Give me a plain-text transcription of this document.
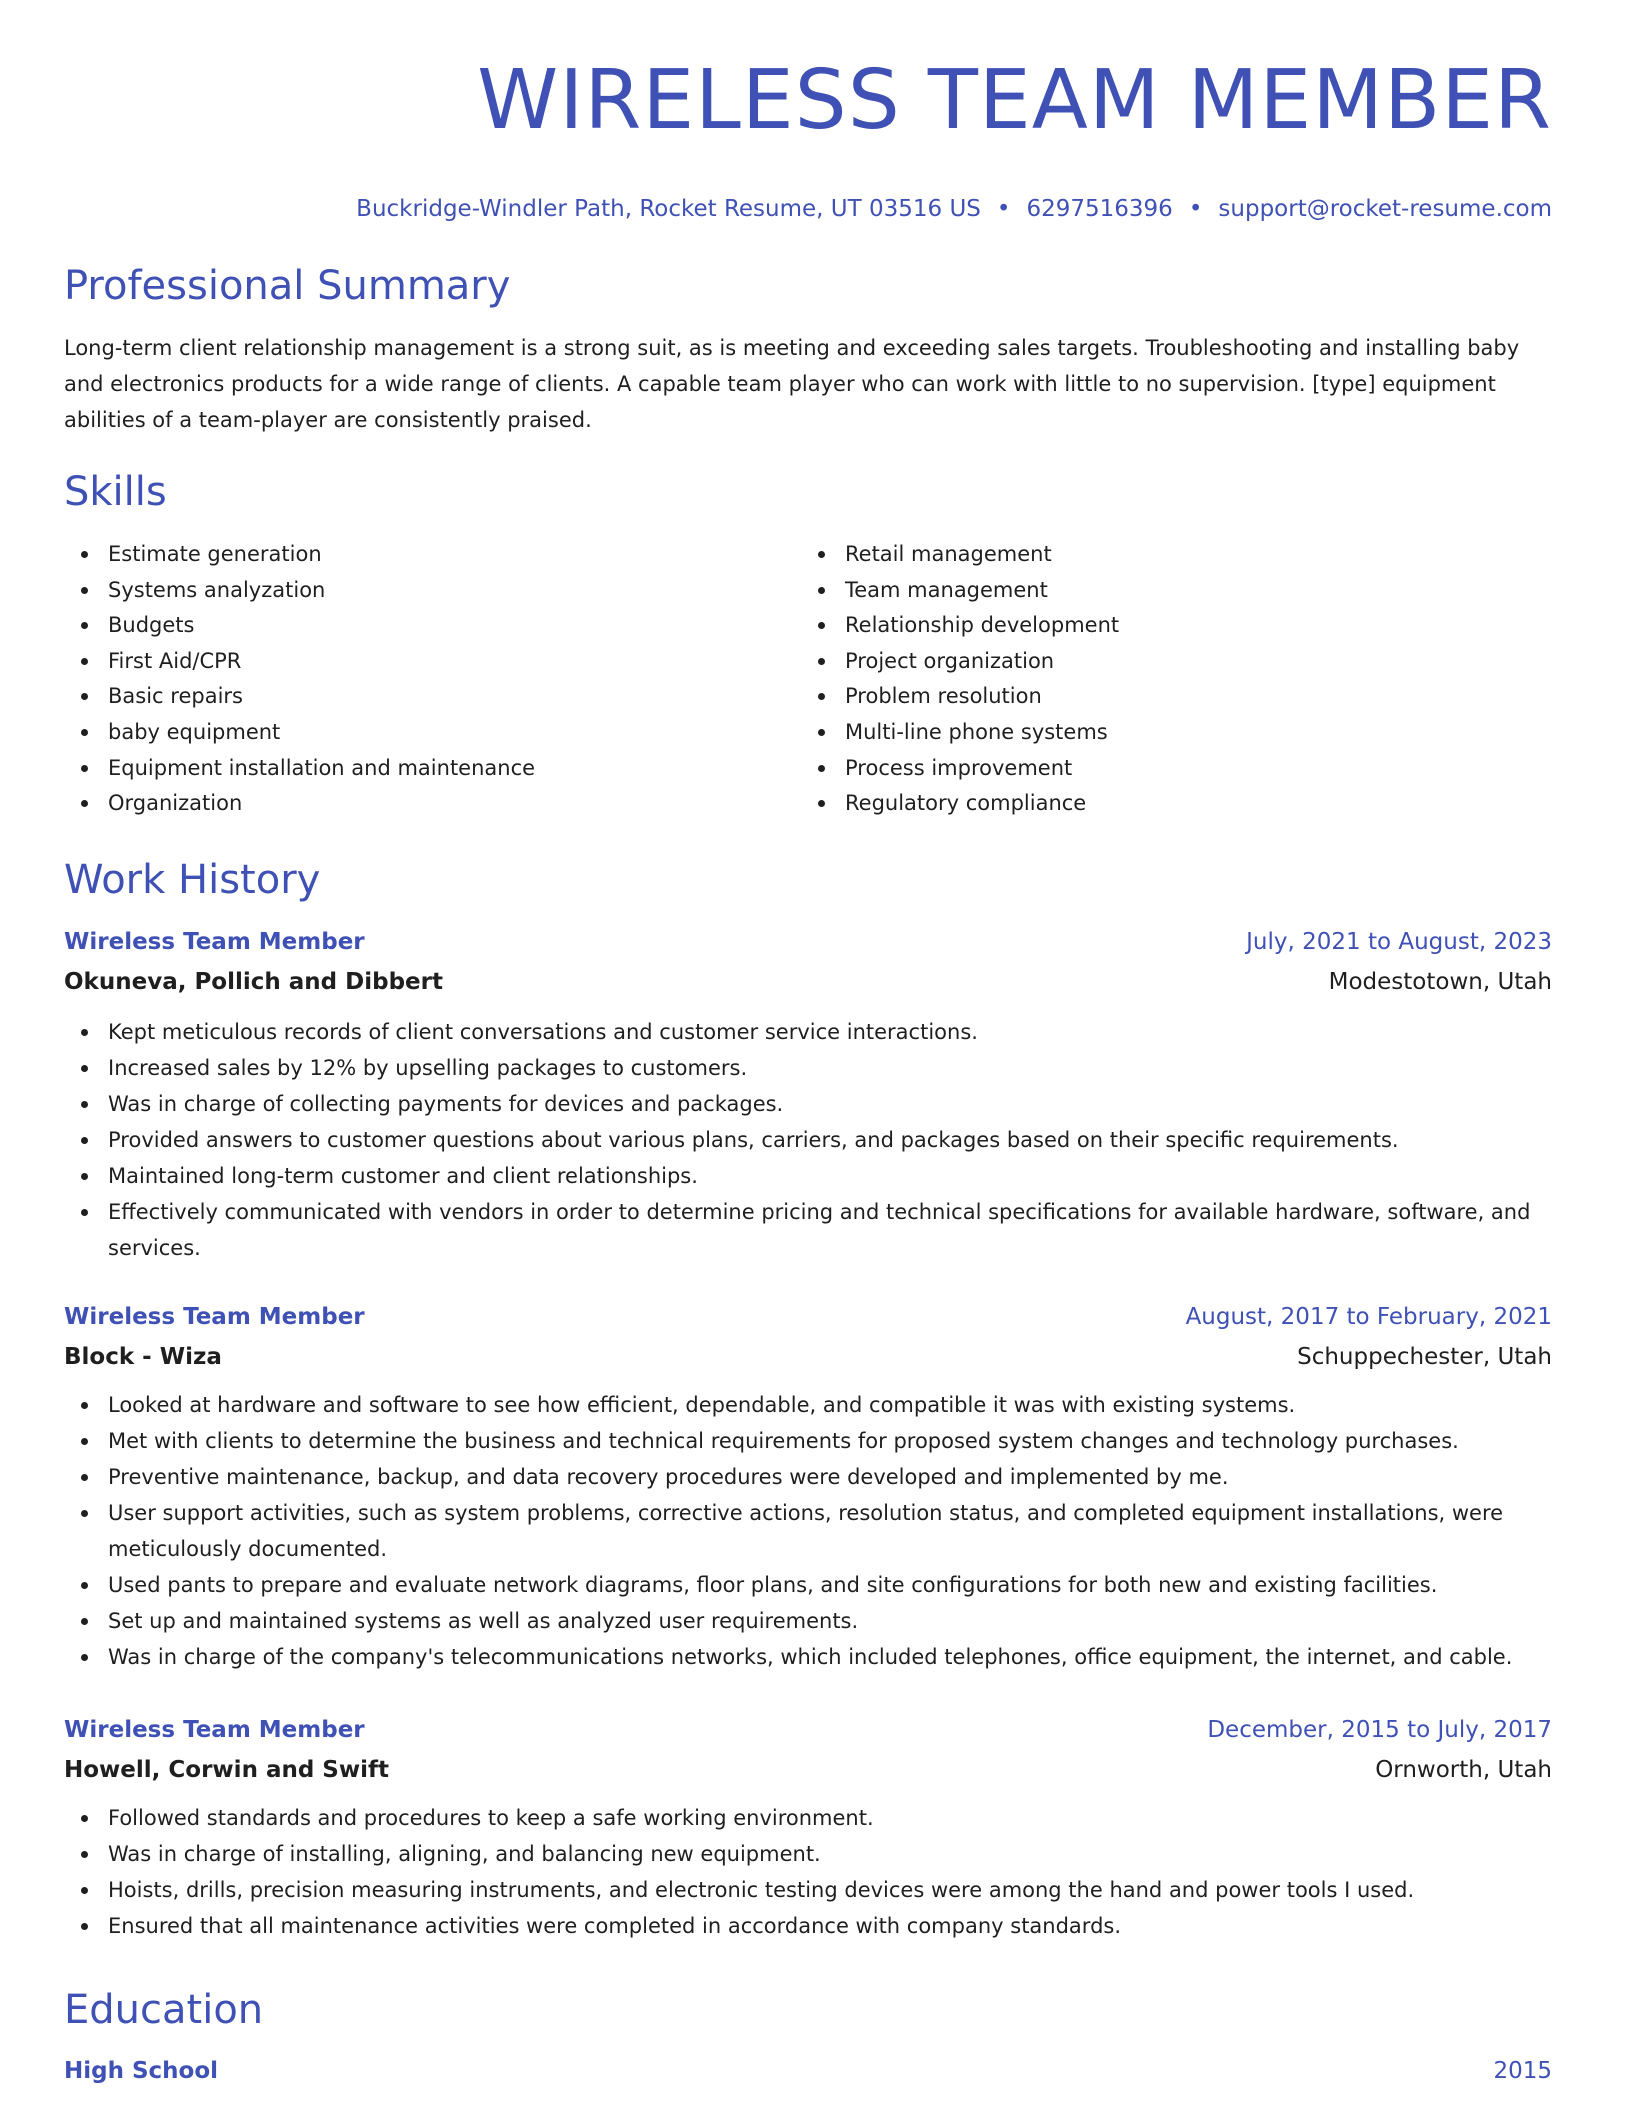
WIRELESS TEAM MEMBER
Buckridge-Windler Path, Rocket Resume, UT 03516 US • 6297516396 • support@rocket-resume.com
Professional Summary

Long-term client relationship management is a strong suit, as is meeting and exceeding sales targets. Troubleshooting and installing baby and electronics products for a wide range of clients. A capable team player who can work with little to no supervision. [type] equipment abilities of a team-player are consistently praised.

Skills
Estimate generation
Systems analyzation
Budgets
First Aid/CPR
Basic repairs
baby equipment
Equipment installation and maintenance
Organization
Retail management
Team management
Relationship development
Project organization
Problem resolution
Multi-line phone systems
Process improvement
Regulatory compliance
Work History
Wireless Team Member	July, 2021 to August, 2023
Okuneva, Pollich and Dibbert	Modestotown, Utah
Kept meticulous records of client conversations and customer service interactions.
Increased sales by 12% by upselling packages to customers.
Was in charge of collecting payments for devices and packages.
Provided answers to customer questions about various plans, carriers, and packages based on their specific requirements.
Maintained long-term customer and client relationships.
Effectively communicated with vendors in order to determine pricing and technical specifications for available hardware, software, and services.
Wireless Team Member	August, 2017 to February, 2021
Block - Wiza	Schuppechester, Utah
Looked at hardware and software to see how efficient, dependable, and compatible it was with existing systems.
Met with clients to determine the business and technical requirements for proposed system changes and technology purchases.
Preventive maintenance, backup, and data recovery procedures were developed and implemented by me.
User support activities, such as system problems, corrective actions, resolution status, and completed equipment installations, were meticulously documented.
Used pants to prepare and evaluate network diagrams, floor plans, and site configurations for both new and existing facilities.
Set up and maintained systems as well as analyzed user requirements.
Was in charge of the company's telecommunications networks, which included telephones, office equipment, the internet, and cable.
Wireless Team Member	December, 2015 to July, 2017
Howell, Corwin and Swift	Ornworth, Utah
Followed standards and procedures to keep a safe working environment.
Was in charge of installing, aligning, and balancing new equipment.
Hoists, drills, precision measuring instruments, and electronic testing devices were among the hand and power tools I used.
Ensured that all maintenance activities were completed in accordance with company standards.
Education
High School	2015
